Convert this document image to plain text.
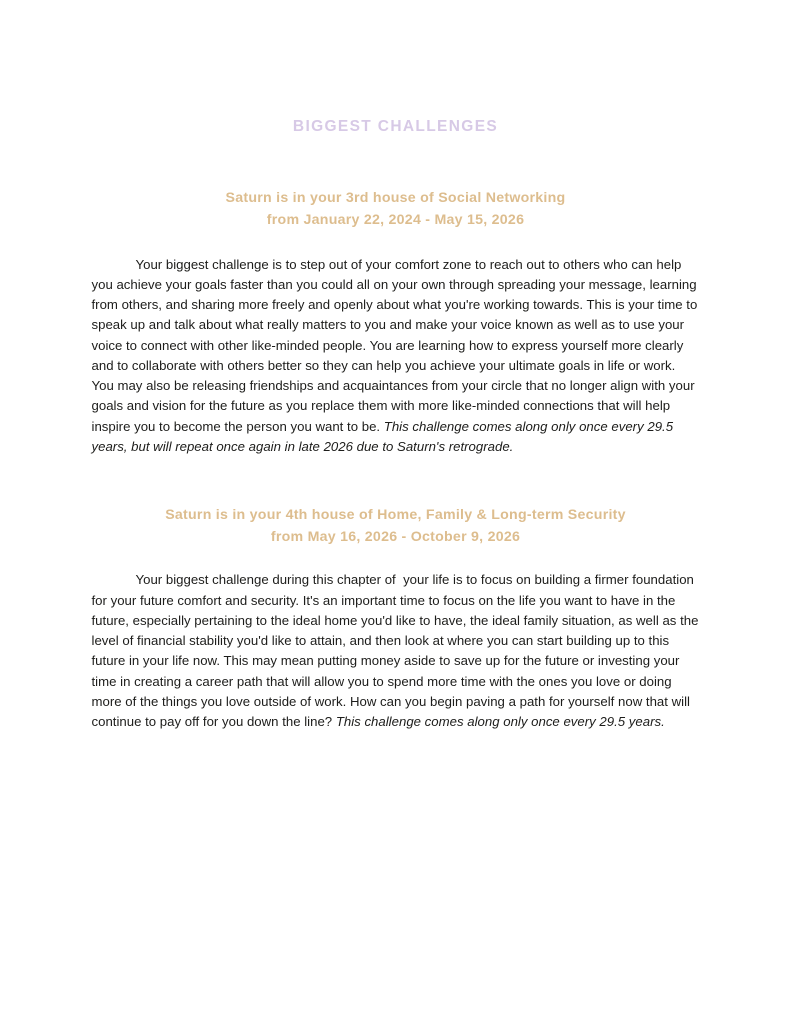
BIGGEST CHALLENGES
Saturn is in your 3rd house of Social Networking
from January 22, 2024 - May 15, 2026

Your biggest challenge is to step out of your comfort zone to reach out to others who can help you achieve your goals faster than you could all on your own through spreading your message, learning from others, and sharing more freely and openly about what you're working towards. This is your time to speak up and talk about what really matters to you and make your voice known as well as to use your voice to connect with other like-minded people. You are learning how to express yourself more clearly and to collaborate with others better so they can help you achieve your ultimate goals in life or work. You may also be releasing friendships and acquaintances from your circle that no longer align with your goals and vision for the future as you replace them with more like-minded connections that will help inspire you to become the person you want to be. This challenge comes along only once every 29.5 years, but will repeat once again in late 2026 due to Saturn's retrograde.

Saturn is in your 4th house of Home, Family & Long-term Security
from May 16, 2026 - October 9, 2026

Your biggest challenge during this chapter of  your life is to focus on building a firmer foundation for your future comfort and security. It's an important time to focus on the life you want to have in the future, especially pertaining to the ideal home you'd like to have, the ideal family situation, as well as the level of financial stability you'd like to attain, and then look at where you can start building up to this future in your life now. This may mean putting money aside to save up for the future or investing your time in creating a career path that will allow you to spend more time with the ones you love or doing more of the things you love outside of work. How can you begin paving a path for yourself now that will continue to pay off for you down the line? This challenge comes along only once every 29.5 years.
